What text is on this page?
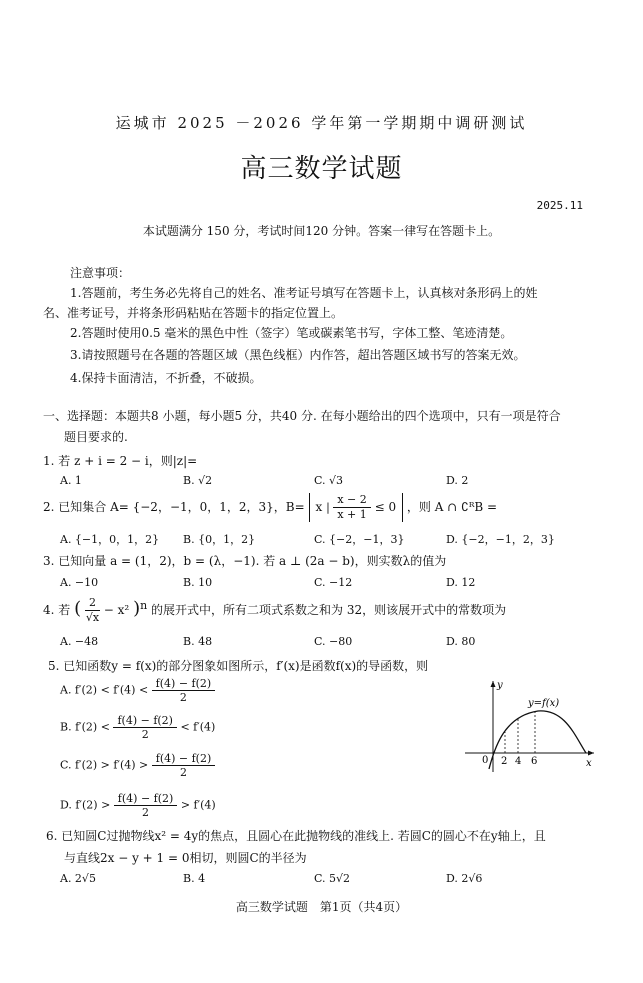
运城市 2025 －2026 学年第一学期期中调研测试
高三数学试题
2025.11
本试题满分 150 分，考试时间120 分钟。答案一律写在答题卡上。
注意事项：
1.答题前，考生务必先将自己的姓名、准考证号填写在答题卡上，认真核对条形码上的姓
名、准考证号，并将条形码粘贴在答题卡的指定位置上。
2.答题时使用0.5 毫米的黑色中性（签字）笔或碳素笔书写，字体工整、笔迹清楚。
3.请按照题号在各题的答题区域（黑色线框）内作答，超出答题区域书写的答案无效。
4.保持卡面清洁，不折叠，不破损。
一、选择题：本题共8 小题，每小题5 分，共40 分. 在每小题给出的四个选项中，只有一项是符合
题目要求的.
1. 若 z + i = 2 − i，则|z|=
A. 1	B. √2	C. √3	D. 2
2. 已知集合 A= {−2，−1，0，1，2，3}，B= x | $\frac{x - 2}{x + 1} \le 0$ ，则 A ∩ ∁ᴿB =
A. {−1，0，1，2} B. {0，1，2}	C. {−2，−1，3}	D. {−2，−1，2，3}
3. 已知向量 a = (1，2)，b = (λ，−1). 若 a ⊥ (2a − b)，则实数λ的值为
A. −10	B. 10	C. −12	D. 12
4. 若 ( $\frac{2}{√x} - x^2$ )$^n$ 的展开式中，所有二项式系数之和为 32，则该展开式中的常数项为
A. −48	B. 48	C. −80	D. 80
5. 已知函数y = f(x)的部分图象如图所示，f′(x)是函数f(x)的导函数，则
A. $f'(2) < f'(4) < \frac{f(4) - f(2)}{2}$
B. $f'(2) < \frac{f(4) - f(2)}{2} < f'(4)$
C. $f'(2) > f'(4) > \frac{f(4) - f(2)}{2}$
D. $f'(2) > \frac{f(4) - f(2)}{2} > f'(4)$
y
x
0 2 4 6
y=f(x)
6. 已知圆C过抛物线x² = 4y的焦点，且圆心在此抛物线的准线上. 若圆C的圆心不在y轴上，且
与直线2x − y + 1 = 0相切，则圆C的半径为
A. 2√5	B. 4	C. 5√2	D. 2√6
高三数学试题　第1页（共4页）
